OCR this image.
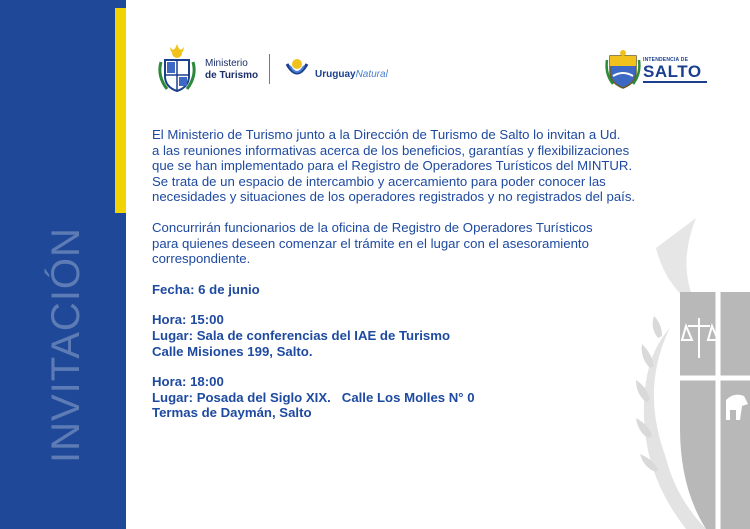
INVITACIÓN
Ministerio
de Turismo	UruguayNatural
INTENDENCIA DE
SALTO

El Ministerio de Turismo junto a la Dirección de Turismo de Salto lo invitan a Ud.
a las reuniones informativas acerca de los beneficios, garantías y flexibilizaciones
que se han implementado para el Registro de Operadores Turísticos del MINTUR.
Se trata de un espacio de intercambio y acercamiento para poder conocer las
necesidades y situaciones de los operadores registrados y no registrados del país.

Concurrirán funcionarios de la oficina de Registro de Operadores Turísticos
para quienes deseen comenzar el trámite en el lugar con el asesoramiento
correspondiente.

Fecha: 6 de junio

Hora: 15:00
Lugar: Sala de conferencias del IAE de Turismo
Calle Misiones 199, Salto.

Hora: 18:00
Lugar: Posada del Siglo XIX.   Calle Los Molles N° 0
Termas de Daymán, Salto
